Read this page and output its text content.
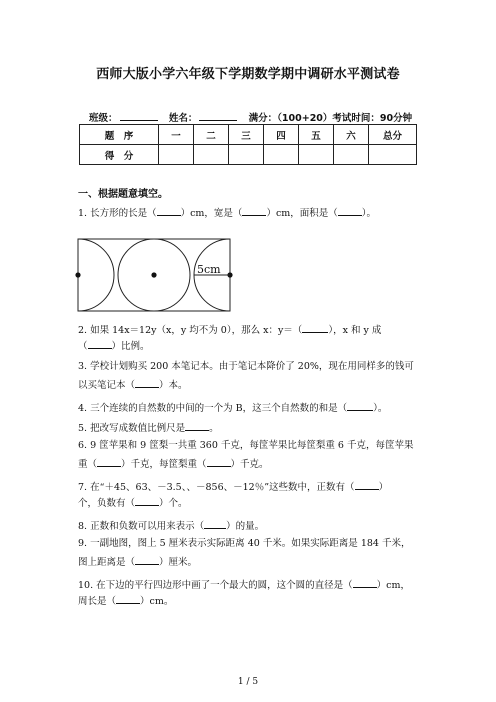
西师大版小学六年级下学期数学期中调研水平测试卷
班级：	姓名：	满分：（100+20）考试时间：90分钟
题　序	一	二	三	四	五	六	总分
得　分							
一、根据题意填空。
1. 长方形的长是（	）cm，宽是（	）cm，面积是（	）。
5cm
2. 如果 14x＝12y（x，y 均不为 0），那么 x：y＝（	），x 和 y 成
（	）比例。
3. 学校计划购买 200 本笔记本。由于笔记本降价了 20%，现在用同样多的钱可
以买笔记本（	）本。
4. 三个连续的自然数的中间的一个为 B，这三个自然数的和是（	）。
5. 把改写成数值比例尺是	。
6. 9 筐苹果和 9 筐梨一共重 360 千克，每筐苹果比每筐梨重 6 千克，每筐苹果
重（	）千克，每筐梨重（	）千克。
7. 在“＋45、63、－3.5、、－856、－12％”这些数中，正数有（	）
个，负数有（	）个。
8. 正数和负数可以用来表示（ ）的量。
9. 一副地图，图上 5 厘米表示实际距离 40 千米。如果实际距离是 184 千米，
图上距离是（	）厘米。
10. 在下边的平行四边形中画了一个最大的圆，这个圆的直径是（	）cm，
周长是（	）cm。
1 / 5
